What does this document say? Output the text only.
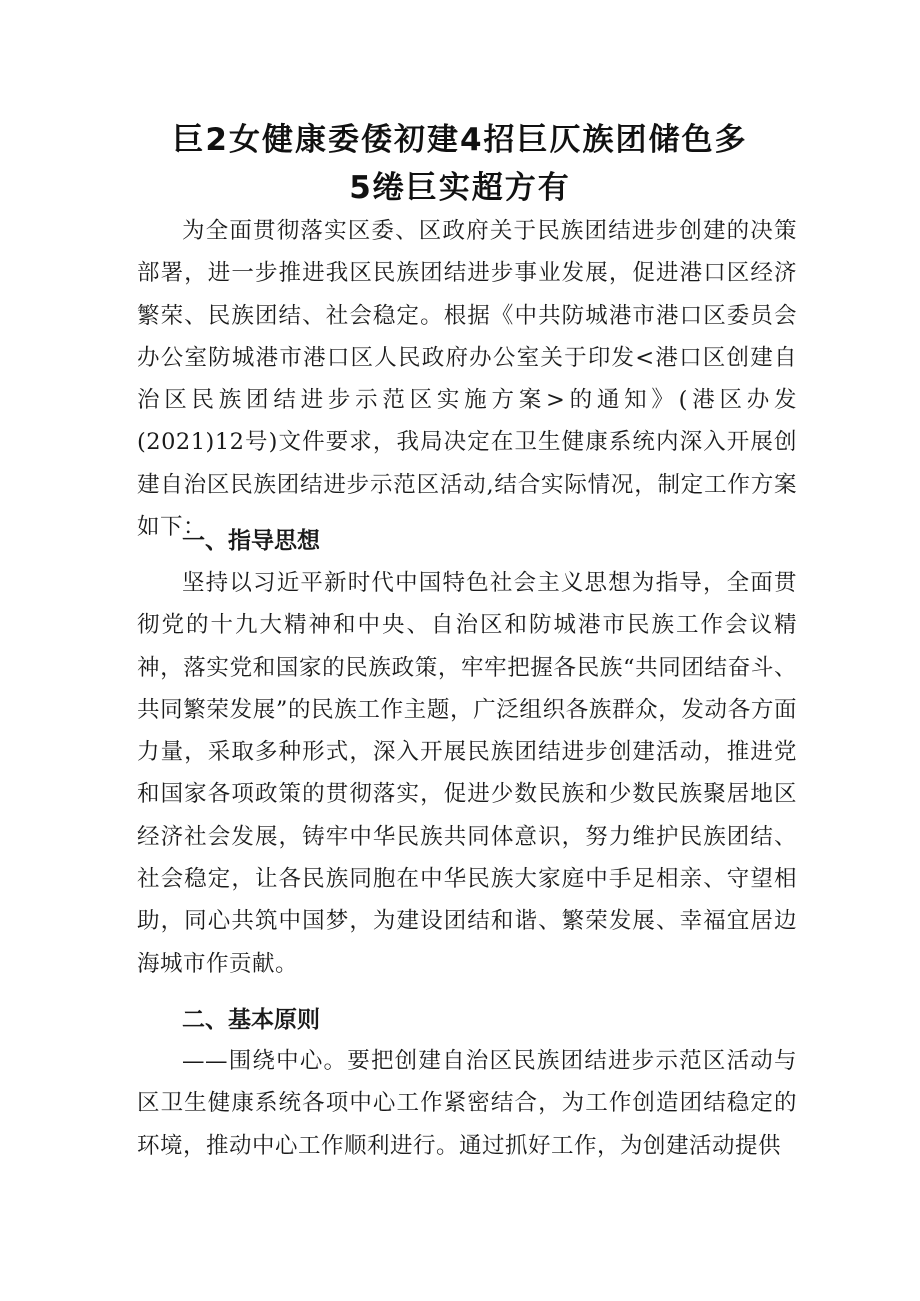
巨2女健康委倭初建4招巨仄族团储色多
5绻巨实超方有

为全面贯彻落实区委、区政府关于民族团结进步创建的决策部署，进一步推进我区民族团结进步事业发展，促进港口区经济繁荣、民族团结、社会稳定。根据《中共防城港市港口区委员会办公室防城港市港口区人民政府办公室关于印发<港口区创建自治区民族团结进步示范区实施方案>的通知》(港区办发(2021)12号)文件要求，我局决定在卫生健康系统内深入开展创建自治区民族团结进步示范区活动,结合实际情况，制定工作方案如下：

一、指导思想

坚持以习近平新时代中国特色社会主义思想为指导，全面贯彻党的十九大精神和中央、自治区和防城港市民族工作会议精神，落实党和国家的民族政策，牢牢把握各民族“共同团结奋斗、共同繁荣发展”的民族工作主题，广泛组织各族群众，发动各方面力量，采取多种形式，深入开展民族团结进步创建活动，推进党和国家各项政策的贯彻落实，促进少数民族和少数民族聚居地区经济社会发展，铸牢中华民族共同体意识，努力维护民族团结、社会稳定，让各民族同胞在中华民族大家庭中手足相亲、守望相助，同心共筑中国梦，为建设团结和谐、繁荣发展、幸福宜居边海城市作贡献。

二、基本原则

——围绕中心。要把创建自治区民族团结进步示范区活动与区卫生健康系统各项中心工作紧密结合，为工作创造团结稳定的环境，推动中心工作顺利进行。通过抓好工作，为创建活动提供
